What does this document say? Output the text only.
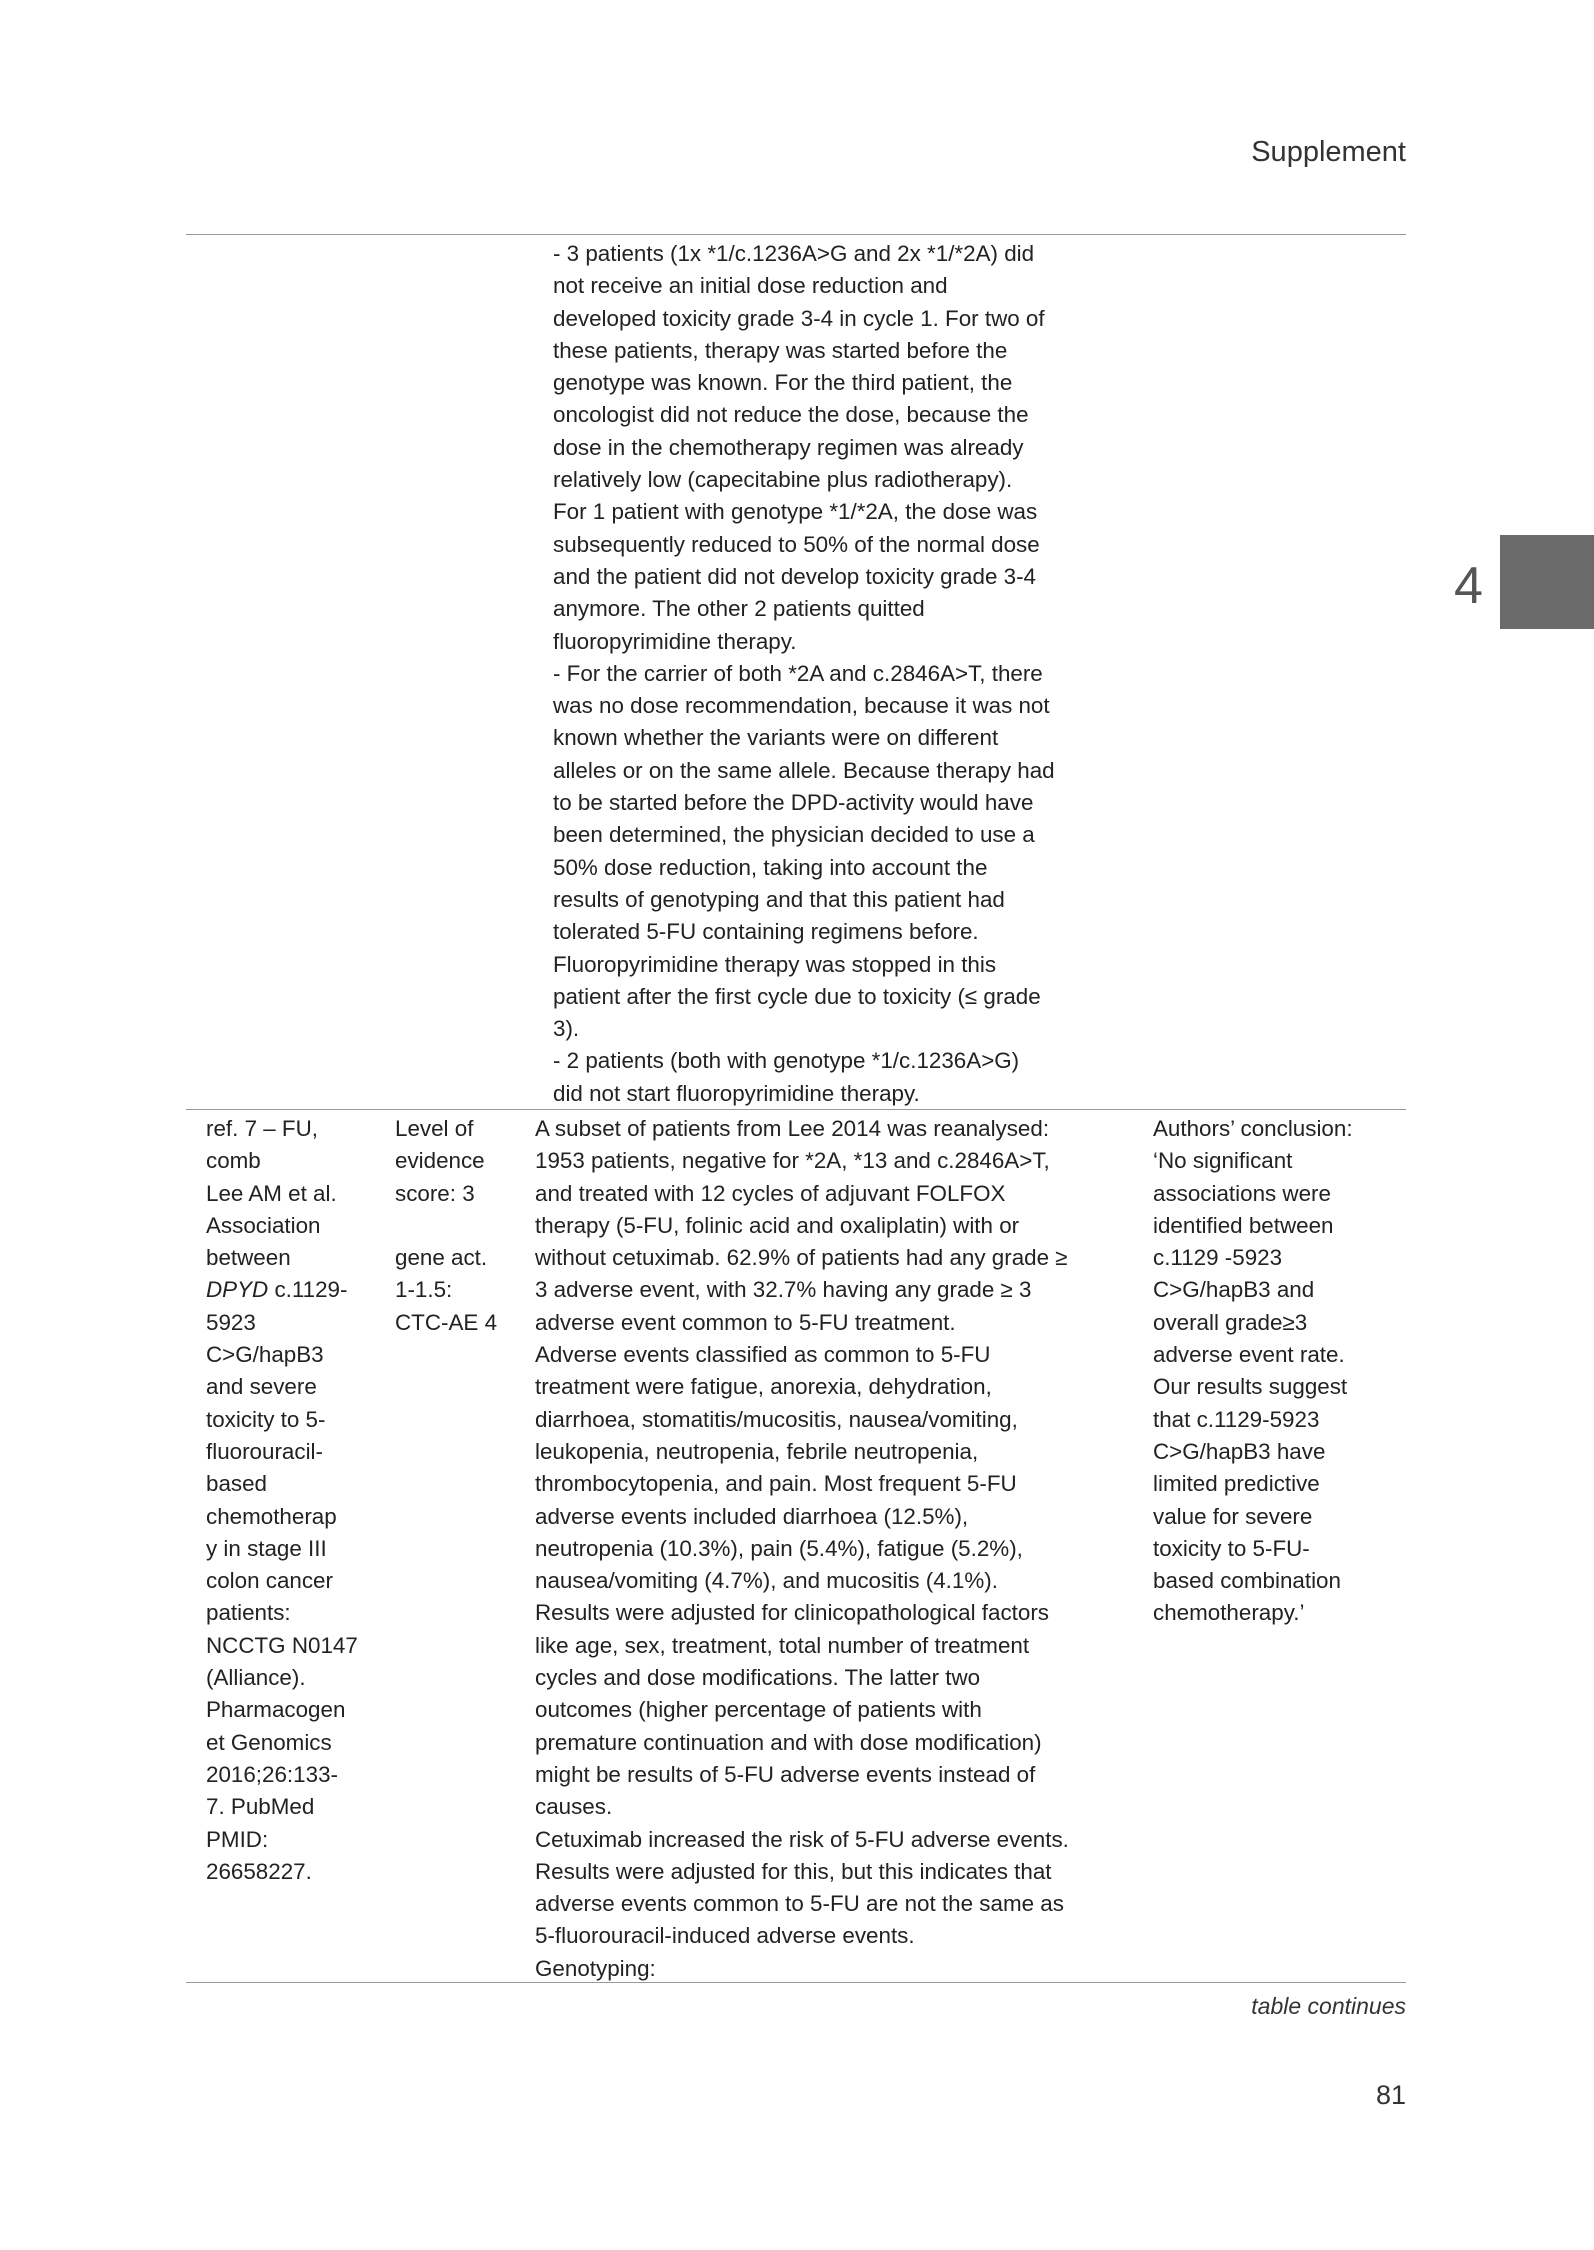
Supplement
4
- 3 patients (1x *1/c.1236A>G and 2x *1/*2A) did
not receive an initial dose reduction and
developed toxicity grade 3-4 in cycle 1. For two of
these patients, therapy was started before the
genotype was known. For the third patient, the
oncologist did not reduce the dose, because the
dose in the chemotherapy regimen was already
relatively low (capecitabine plus radiotherapy).
For 1 patient with genotype *1/*2A, the dose was
subsequently reduced to 50% of the normal dose
and the patient did not develop toxicity grade 3-4
anymore. The other 2 patients quitted
fluoropyrimidine therapy.
- For the carrier of both *2A and c.2846A>T, there
was no dose recommendation, because it was not
known whether the variants were on different
alleles or on the same allele. Because therapy had
to be started before the DPD-activity would have
been determined, the physician decided to use a
50% dose reduction, taking into account the
results of genotyping and that this patient had
tolerated 5-FU containing regimens before.
Fluoropyrimidine therapy was stopped in this
patient after the first cycle due to toxicity (≤ grade
3).
- 2 patients (both with genotype *1/c.1236A>G)
did not start fluoropyrimidine therapy.
ref. 7 – FU,
comb
Lee AM et al.
Association
between
DPYD c.1129-
5923
C>G/hapB3
and severe
toxicity to 5-
fluorouracil-
based
chemotherap
y in stage III
colon cancer
patients:
NCCTG N0147
(Alliance).
Pharmacogen
et Genomics
2016;26:133-
7. PubMed
PMID:
26658227.
Level of
evidence
score: 3

gene act.
1-1.5:
CTC-AE 4
A subset of patients from Lee 2014 was reanalysed:
1953 patients, negative for *2A, *13 and c.2846A>T,
and treated with 12 cycles of adjuvant FOLFOX
therapy (5-FU, folinic acid and oxaliplatin) with or
without cetuximab. 62.9% of patients had any grade ≥
3 adverse event, with 32.7% having any grade ≥ 3
adverse event common to 5-FU treatment.
Adverse events classified as common to 5-FU
treatment were fatigue, anorexia, dehydration,
diarrhoea, stomatitis/mucositis, nausea/vomiting,
leukopenia, neutropenia, febrile neutropenia,
thrombocytopenia, and pain. Most frequent 5-FU
adverse events included diarrhoea (12.5%),
neutropenia (10.3%), pain (5.4%), fatigue (5.2%),
nausea/vomiting (4.7%), and mucositis (4.1%).
Results were adjusted for clinicopathological factors
like age, sex, treatment, total number of treatment
cycles and dose modifications. The latter two
outcomes (higher percentage of patients with
premature continuation and with dose modification)
might be results of 5-FU adverse events instead of
causes.
Cetuximab increased the risk of 5-FU adverse events.
Results were adjusted for this, but this indicates that
adverse events common to 5-FU are not the same as
5-fluorouracil-induced adverse events.
Genotyping:
Authors’ conclusion:
‘No significant
associations were
identified between
c.1129 -5923
C>G/hapB3 and
overall grade≥3
adverse event rate.
Our results suggest
that c.1129-5923
C>G/hapB3 have
limited predictive
value for severe
toxicity to 5-FU-
based combination
chemotherapy.’
table continues
81
